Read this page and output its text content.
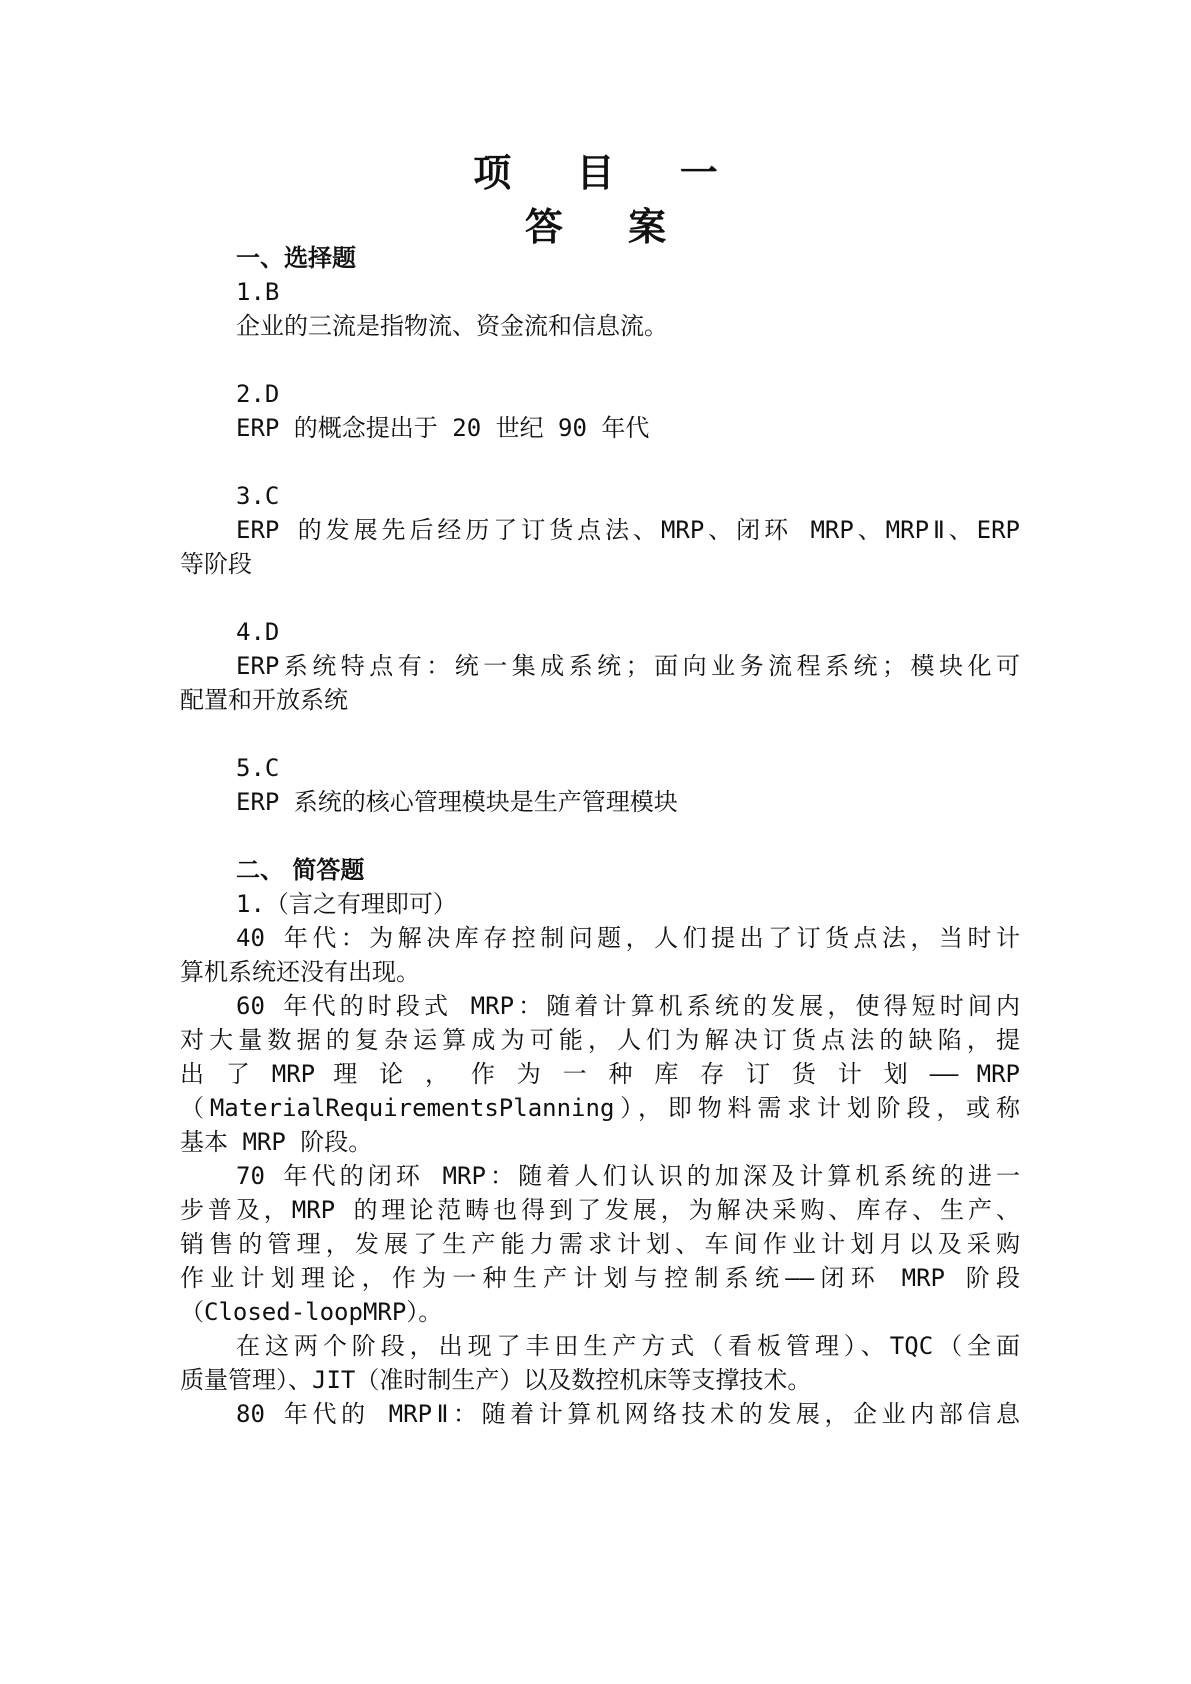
项 目 一
答 案
一、选择题
1.B
企业的三流是指物流、资金流和信息流。
2.D
ERP 的概念提出于 20 世纪 90 年代
3.C
ERP 的发展先后经历了订货点法、MRP、闭环 MRP、MRPⅡ、ERP
等阶段
4.D
ERP系统特点有：统一集成系统；面向业务流程系统；模块化可
配置和开放系统
5.C
ERP 系统的核心管理模块是生产管理模块
二、 简答题
1.（言之有理即可）
40 年代：为解决库存控制问题，人们提出了订货点法，当时计
算机系统还没有出现。
60 年代的时段式 MRP：随着计算机系统的发展，使得短时间内
对大量数据的复杂运算成为可能，人们为解决订货点法的缺陷，提
出 了 MRP 理 论 ， 作 为 一 种 库 存 订 货 计 划 —— MRP
（MaterialRequirementsPlanning），即物料需求计划阶段，或称
基本 MRP 阶段。
70 年代的闭环 MRP：随着人们认识的加深及计算机系统的进一
步普及，MRP 的理论范畴也得到了发展，为解决采购、库存、生产、
销售的管理，发展了生产能力需求计划、车间作业计划月以及采购
作业计划理论，作为一种生产计划与控制系统——闭环 MRP 阶段
（Closed-loopMRP）。
在这两个阶段，出现了丰田生产方式（看板管理）、TQC（全面
质量管理）、JIT（准时制生产）以及数控机床等支撑技术。
80 年代的 MRPⅡ：随着计算机网络技术的发展，企业内部信息
